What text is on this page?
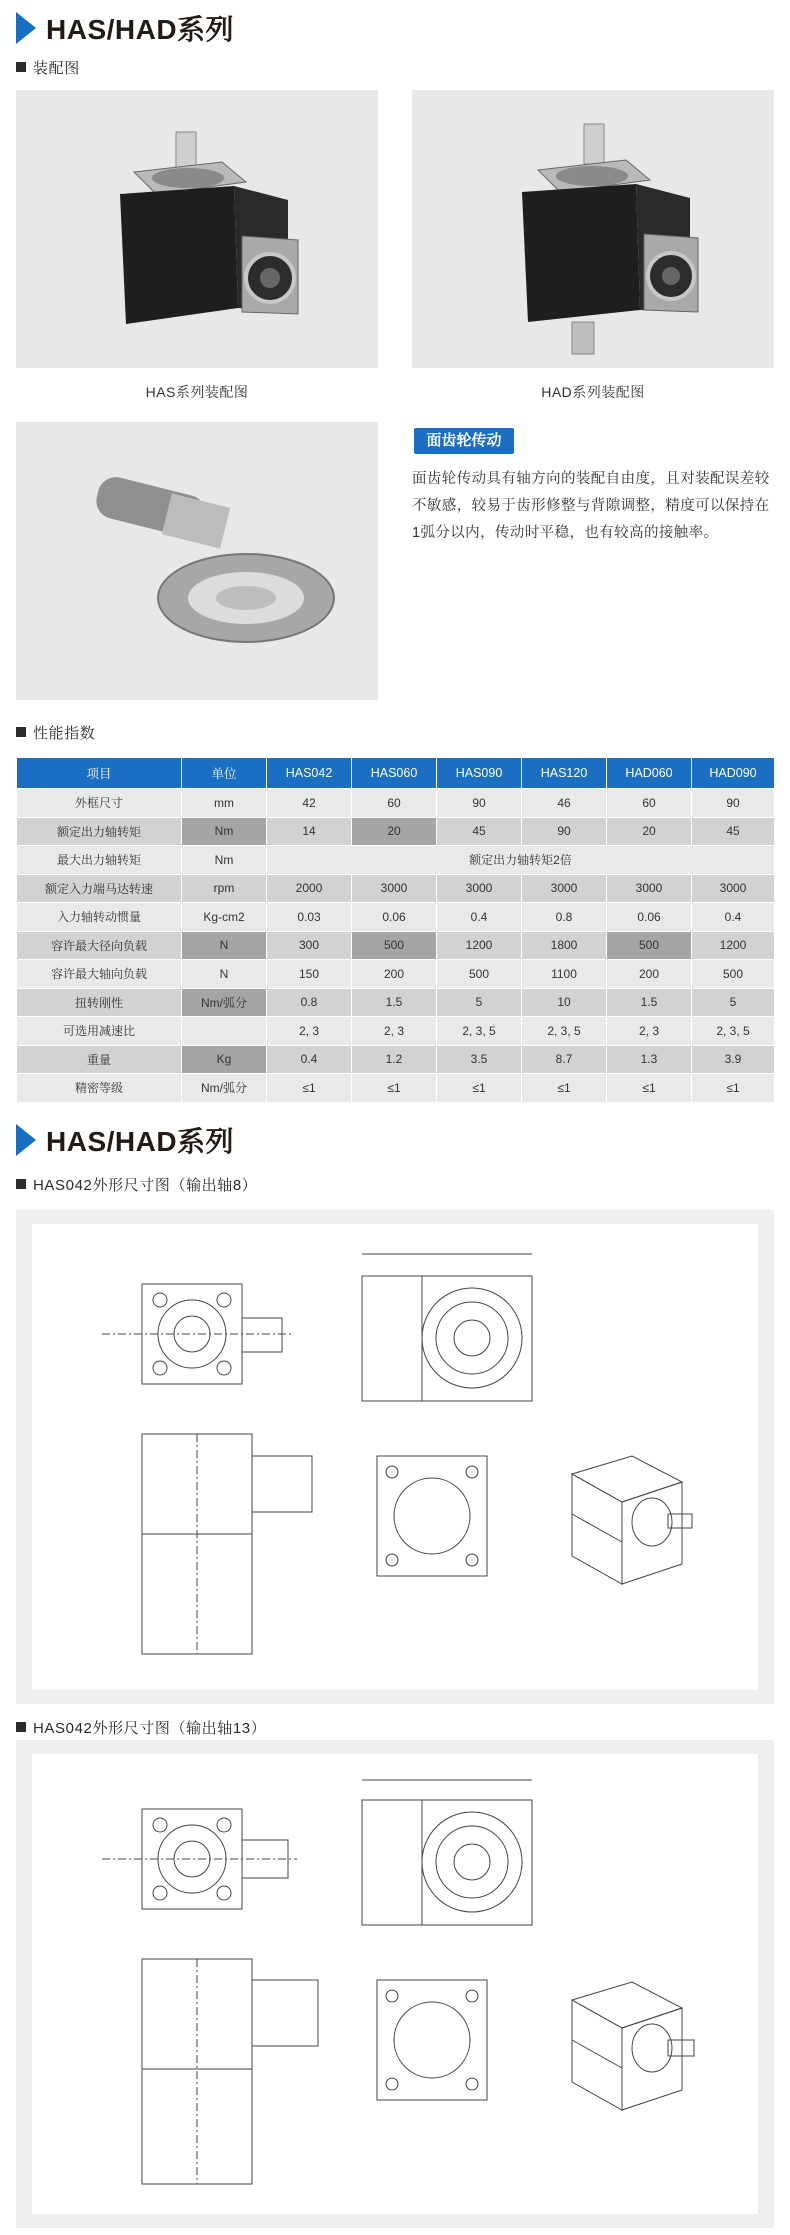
HAS/HAD系列
装配图
HAS系列装配图	HAD系列装配图
面齿轮传动
面齿轮传动具有轴方向的装配自由度，且对装配误差较不敏感，较易于齿形修整与背隙调整，精度可以保持在1弧分以内，传动时平稳，也有较高的接触率。
性能指数
项目	单位	HAS042	HAS060	HAS090	HAS120	HAD060	HAD090
外框尺寸	mm	42	60	90	46	60	90
额定出力轴转矩	Nm	14	20	45	90	20	45
最大出力轴转矩	Nm	额定出力轴转矩2倍					
额定入力端马达转速	rpm	2000	3000	3000	3000	3000	3000
入力轴转动惯量	Kg-cm2	0.03	0.06	0.4	0.8	0.06	0.4
容许最大径向负载	N	300	500	1200	1800	500	1200
容许最大轴向负载	N	150	200	500	1100	200	500
扭转刚性	Nm/弧分	0.8	1.5	5	10	1.5	5
可选用减速比		2, 3	2, 3	2, 3, 5	2, 3, 5	2, 3	2, 3, 5
重量	Kg	0.4	1.2	3.5	8.7	1.3	3.9
精密等级	Nm/弧分	≤1	≤1	≤1	≤1	≤1	≤1
HAS/HAD系列
HAS042外形尺寸图（输出轴8）
HAS042外形尺寸图（输出轴13）
